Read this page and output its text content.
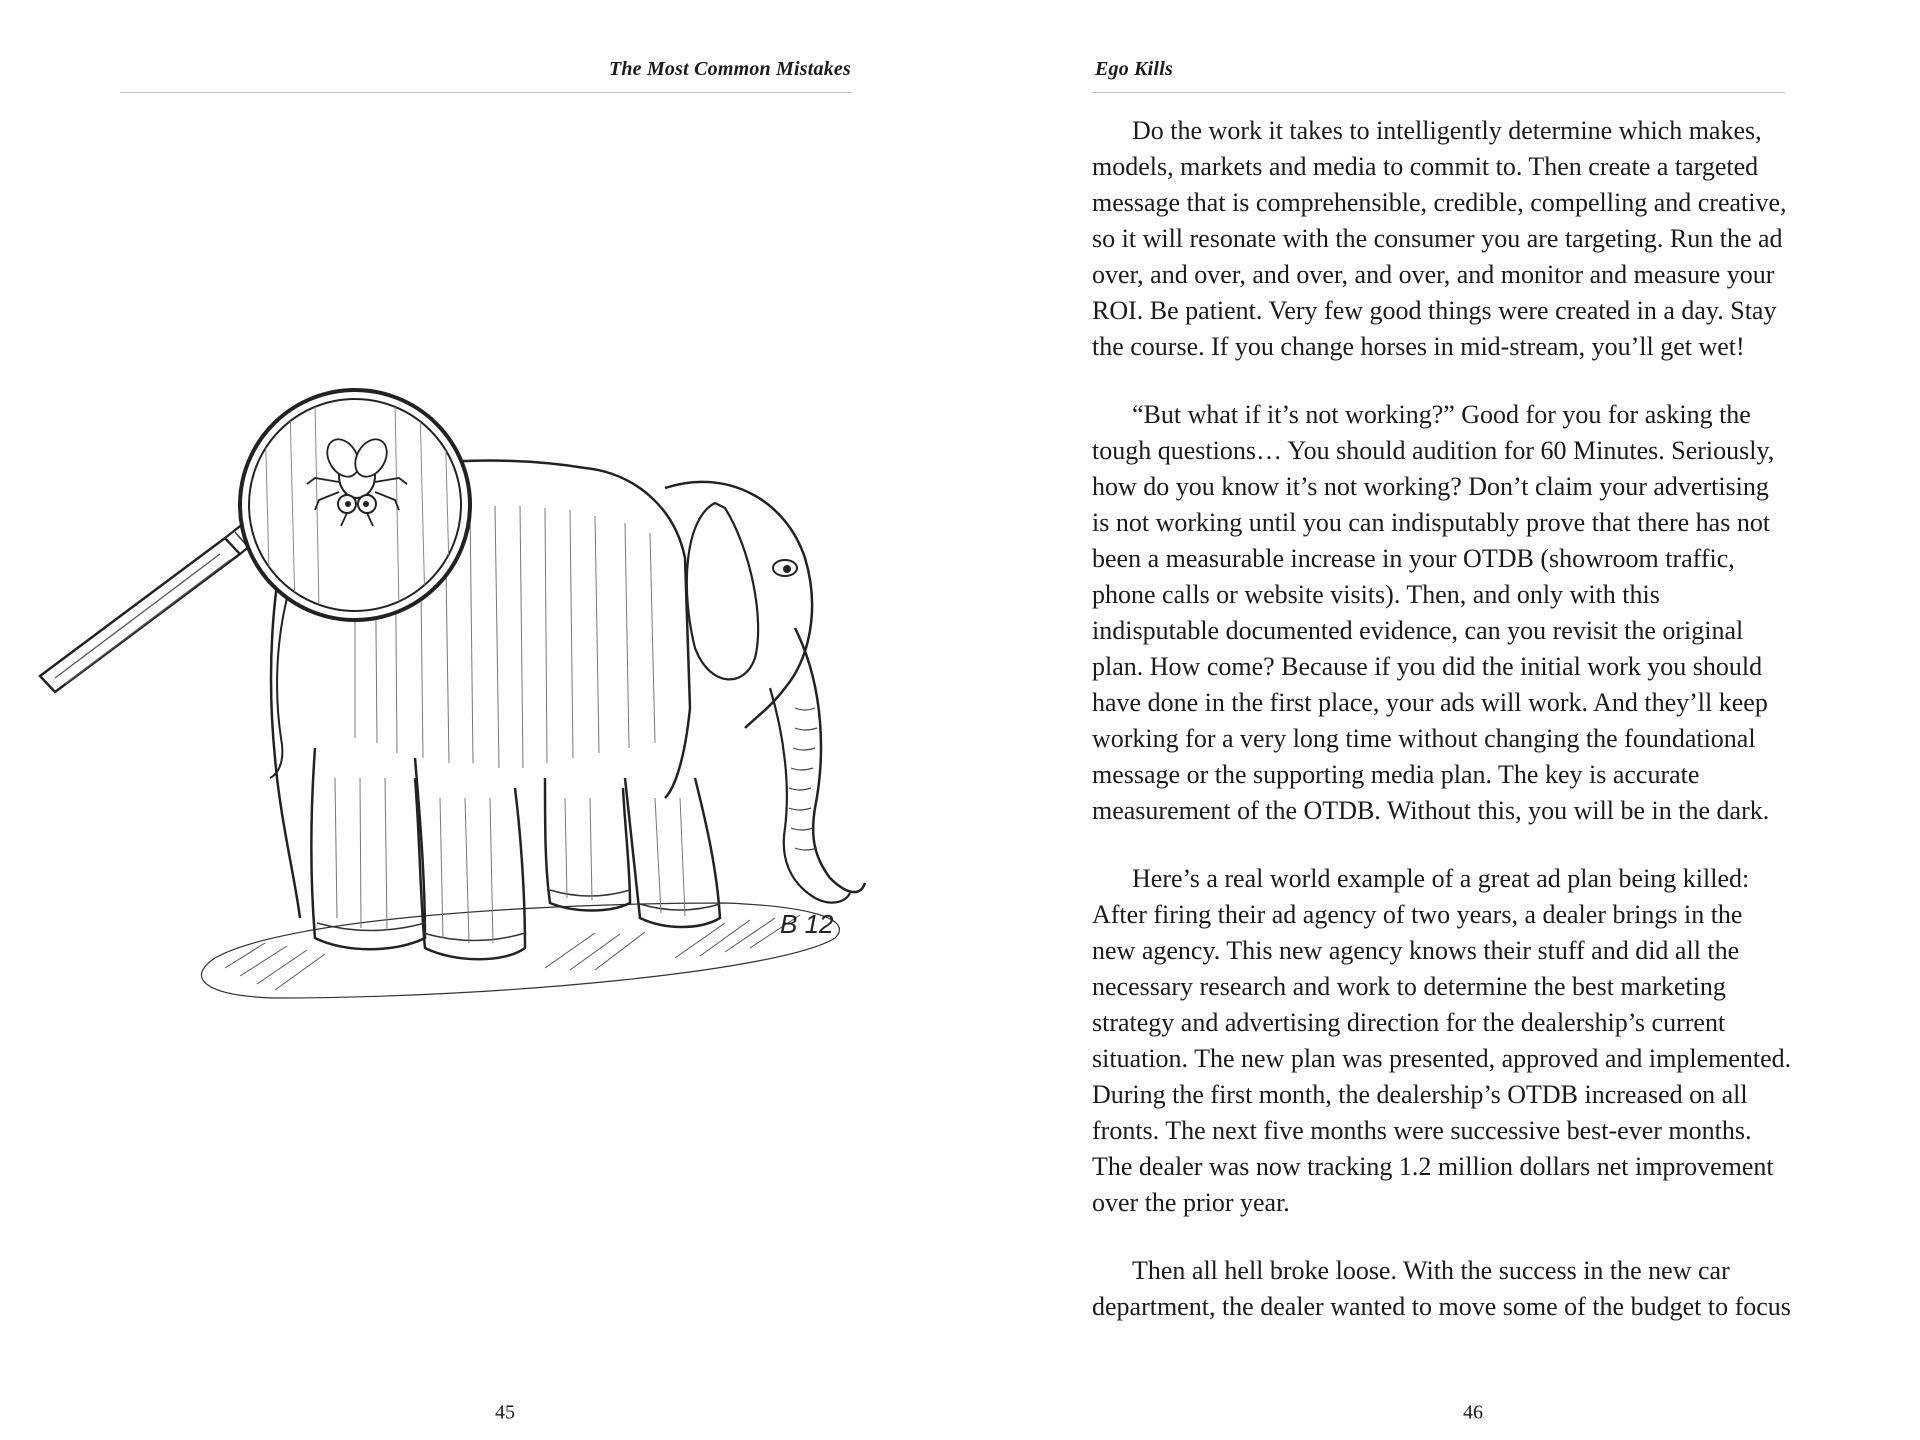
The Most Common Mistakes
B 12
45
Ego Kills

Do the work it takes to intelligently determine which makes, models, markets and media to commit to. Then create a targeted message that is comprehensible, credible, compelling and creative, so it will resonate with the consumer you are targeting. Run the ad over, and over, and over, and over, and monitor and measure your ROI. Be patient. Very few good things were created in a day. Stay the course. If you change horses in mid-stream, you’ll get wet!

“But what if it’s not working?” Good for you for asking the tough questions… You should audition for 60 Minutes. Seriously, how do you know it’s not working? Don’t claim your advertising is not working until you can indisputably prove that there has not been a measurable increase in your OTDB (showroom traffic, phone calls or website visits). Then, and only with this indisputable documented evidence, can you revisit the original plan. How come? Because if you did the initial work you should have done in the first place, your ads will work. And they’ll keep working for a very long time without changing the foundational message or the supporting media plan. The key is accurate measurement of the OTDB. Without this, you will be in the dark.

Here’s a real world example of a great ad plan being killed: After firing their ad agency of two years, a dealer brings in the new agency. This new agency knows their stuff and did all the necessary research and work to determine the best marketing strategy and advertising direction for the dealership’s current situation. The new plan was presented, approved and implemented. During the first month, the dealership’s OTDB increased on all fronts. The next five months were successive best-ever months. The dealer was now tracking 1.2 million dollars net improvement over the prior year.

Then all hell broke loose. With the success in the new car department, the dealer wanted to move some of the budget to focus

46
